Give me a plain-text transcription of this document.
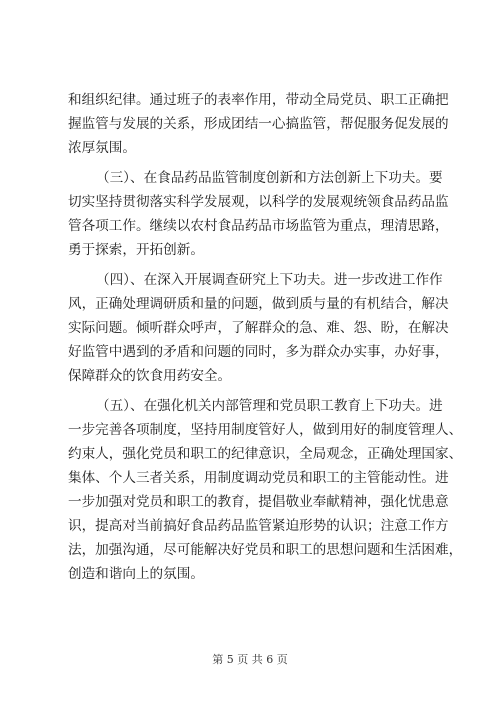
和组织纪律。通过班子的表率作用，带动全局党员、职工正确把
握监管与发展的关系，形成团结一心搞监管，帮促服务促发展的
浓厚氛围。
（三）、在食品药品监管制度创新和方法创新上下功夫。要
切实坚持贯彻落实科学发展观，以科学的发展观统领食品药品监
管各项工作。继续以农村食品药品市场监管为重点，理清思路，
勇于探索，开拓创新。
（四）、在深入开展调查研究上下功夫。进一步改进工作作
风，正确处理调研质和量的问题，做到质与量的有机结合，解决
实际问题。倾听群众呼声，了解群众的急、难、怨、盼，在解决
好监管中遇到的矛盾和问题的同时，多为群众办实事，办好事，
保障群众的饮食用药安全。
（五）、在强化机关内部管理和党员职工教育上下功夫。进
一步完善各项制度，坚持用制度管好人，做到用好的制度管理人、
约束人，强化党员和职工的纪律意识，全局观念，正确处理国家、
集体、个人三者关系，用制度调动党员和职工的主管能动性。进
一步加强对党员和职工的教育，提倡敬业奉献精神，强化忧患意
识，提高对当前搞好食品药品监管紧迫形势的认识；注意工作方
法，加强沟通，尽可能解决好党员和职工的思想问题和生活困难，
创造和谐向上的氛围。
第 5 页 共 6 页
